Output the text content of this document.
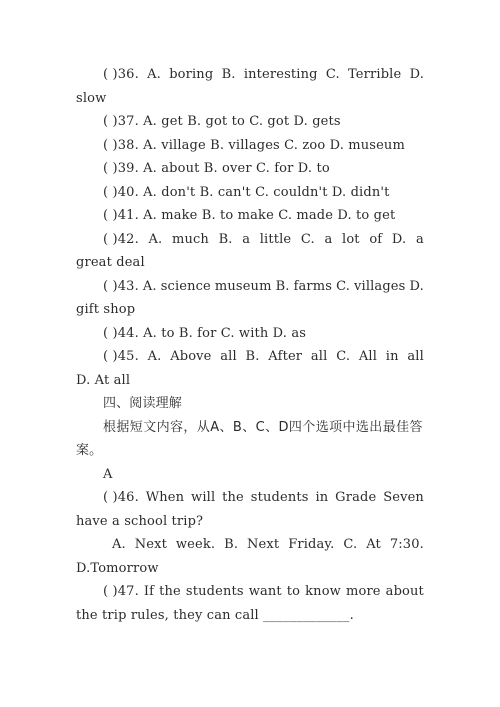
( )36. A. boring B. interesting C. Terrible D.
slow
( )37. A. get B. got to C. got D. gets
( )38. A. village B. villages C. zoo D. museum
( )39. A. about B. over C. for D. to
( )40. A. don't B. can't C. couldn't D. didn't
( )41. A. make B. to make C. made D. to get
( )42. A. much B. a little C. a lot of D. a
great deal
( )43. A. science museum B. farms C. villages D.
gift shop
( )44. A. to B. for C. with D. as
( )45. A. Above all B. After all C. All in all
D. At all
四、阅读理解
根据短文内容，从A、B、C、D四个选项中选出最佳答
案。
A
( )46. When will the students in Grade Seven
have a school trip?
A. Next week. B. Next Friday. C. At 7:30.
D.Tomorrow
( )47. If the students want to know more about
the trip rules, they can call _____________.
